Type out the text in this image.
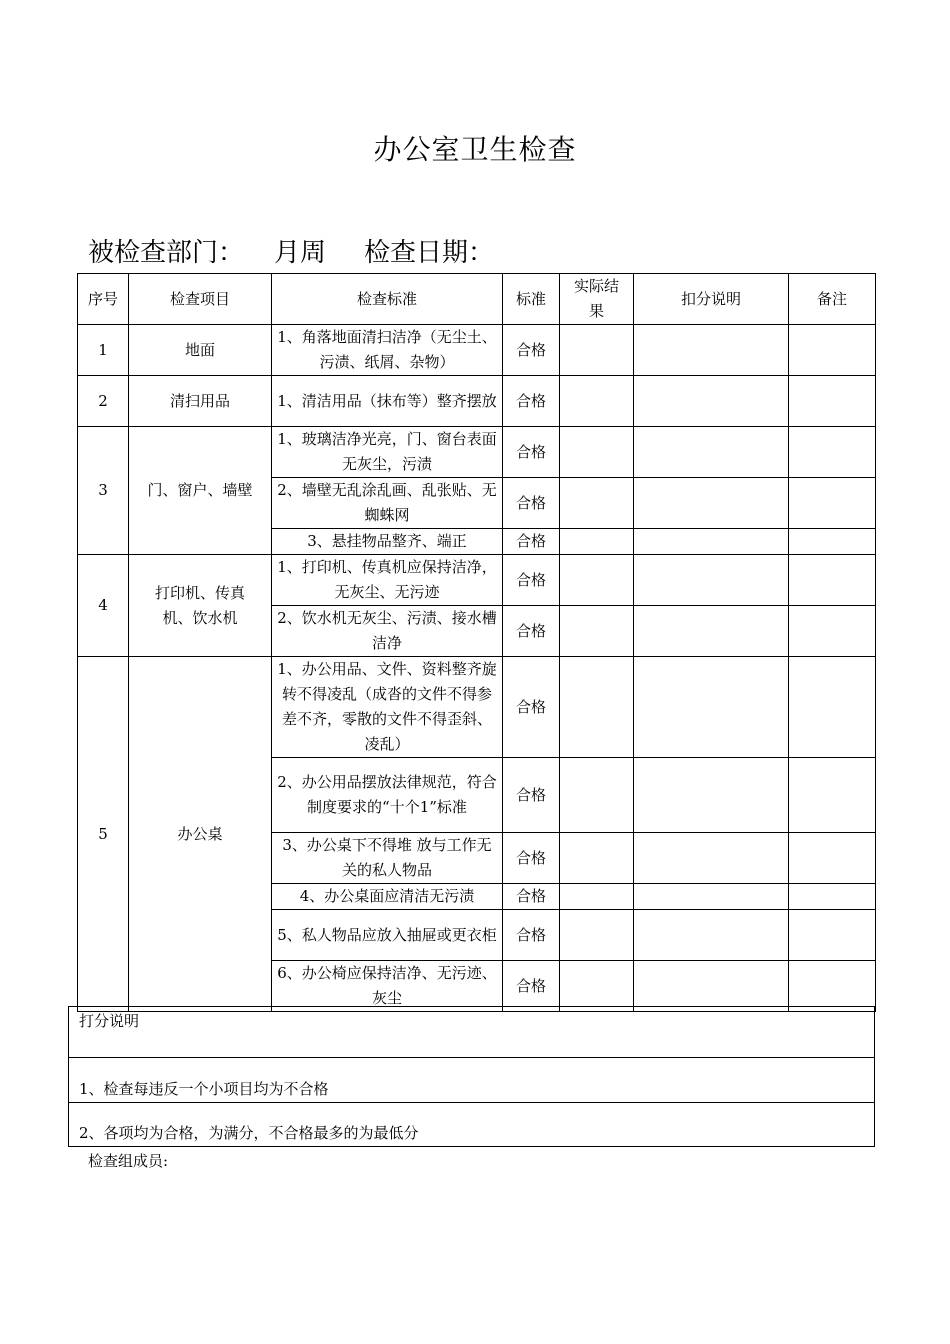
办公室卫生检查
被检查部门： 月周 检查日期：
序号	检查项目	检查标准	标准	实际结果	扣分说明	备注
1	地面	1、角落地面清扫洁净（无尘土、污渍、纸屑、杂物）	合格			
2	清扫用品	1、清洁用品（抹布等）整齐摆放	合格			
3	门、窗户、墙壁	1、玻璃洁净光亮，门、窗台表面无灰尘，污渍	合格			
		2、墙壁无乱涂乱画、乱张贴、无蜘蛛网	合格			
		3、悬挂物品整齐、端正	合格			
4	打印机、传真机、饮水机	1、打印机、传真机应保持洁净，无灰尘、无污迹	合格			
		2、饮水机无灰尘、污渍、接水槽洁净	合格			
5	办公桌	1、办公用品、文件、资料整齐旋转不得凌乱（成沓的文件不得参差不齐，零散的文件不得歪斜、凌乱）	合格			
		2、办公用品摆放法律规范，符合制度要求的“十个1”标准	合格			
		3、办公桌下不得堆 放与工作无关的私人物品	合格			
		4、办公桌面应清洁无污渍	合格			
		5、私人物品应放入抽屉或更衣柜	合格			
		6、办公椅应保持洁净、无污迹、灰尘	合格			
打分说明
1、检查每违反一个小项目均为不合格
2、各项均为合格，为满分，不合格最多的为最低分
检查组成员:
